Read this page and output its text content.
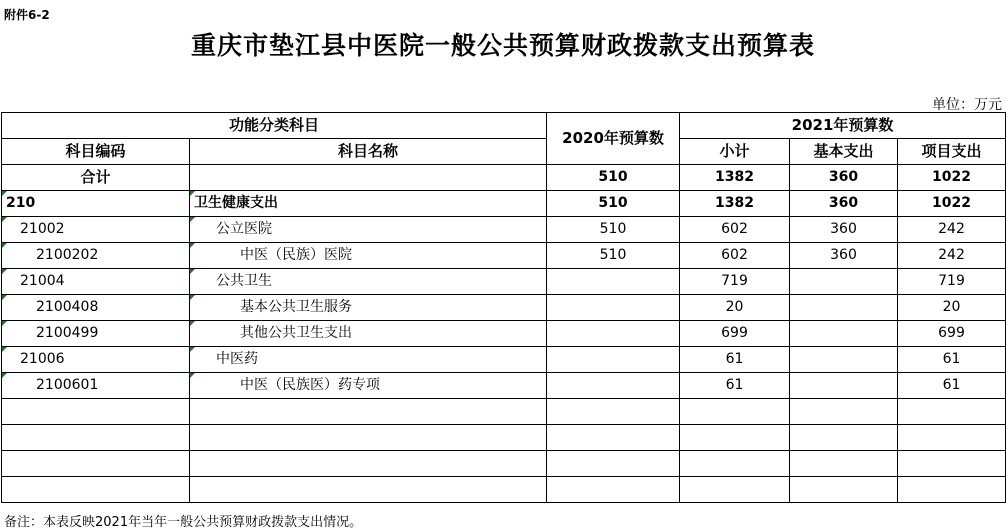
附件6-2
重庆市垫江县中医院一般公共预算财政拨款支出预算表
单位：万元
功能分类科目		2020年预算数	2021年预算数		
科目编码	科目名称		小计	基本支出	项目支出
合计		510	1382	360	1022
210	卫生健康支出	510	1382	360	1022
21002	公立医院	510	602	360	242
2100202	中医（民族）医院	510	602	360	242
21004	公共卫生		719		719
2100408	基本公共卫生服务		20		20
2100499	其他公共卫生支出		699		699
21006	中医药		61		61
2100601	中医（民族医）药专项		61		61

备注：本表反映2021年当年一般公共预算财政拨款支出情况。
